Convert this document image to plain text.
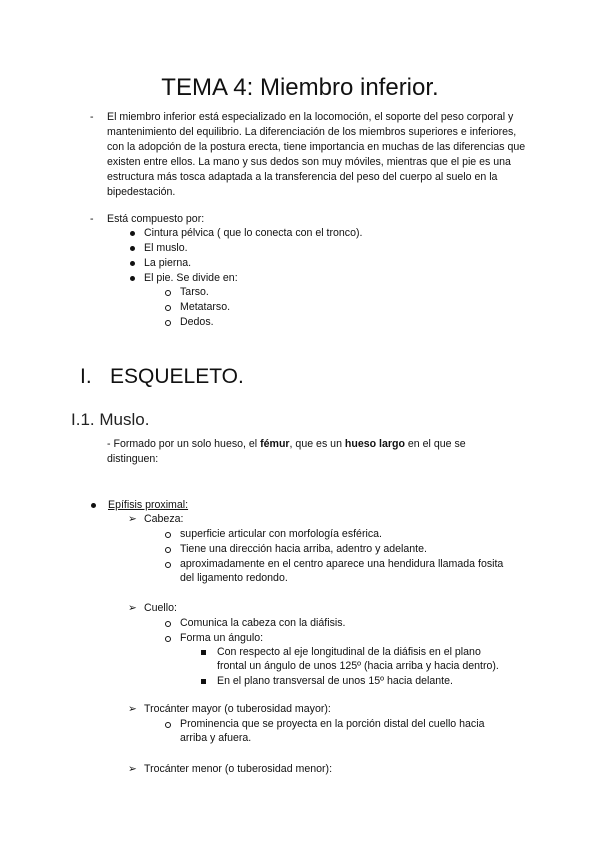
TEMA 4: Miembro inferior.
- El miembro inferior está especializado en la locomoción, el soporte del peso corporal y mantenimiento del equilibrio. La diferenciación de los miembros superiores e inferiores, con la adopción de la postura erecta, tiene importancia en muchas de las diferencias que existen entre ellos. La mano y sus dedos son muy móviles, mientras que el pie es una estructura más tosca adaptada a la transferencia del peso del cuerpo al suelo en la bipedestación.
- Está compuesto por:
Cintura pélvica ( que lo conecta con el tronco).
El muslo.
La pierna.
El pie. Se divide en:
Tarso.
Metatarso.
Dedos.
I. ESQUELETO.
I.1. Muslo.
- Formado por un solo hueso, el fémur, que es un hueso largo en el que se
distinguen:
Epífisis proximal:
➢ Cabeza:
superficie articular con morfología esférica.
Tiene una dirección hacia arriba, adentro y adelante.
aproximadamente en el centro aparece una hendidura llamada fosita
del ligamento redondo.
➢ Cuello:
Comunica la cabeza con la diáfisis.
Forma un ángulo:
Con respecto al eje longitudinal de la diáfisis en el plano
frontal un ángulo de unos 125º (hacia arriba y hacia dentro).
En el plano transversal de unos 15º hacia delante.
➢ Trocánter mayor (o tuberosidad mayor):
Prominencia que se proyecta en la porción distal del cuello hacia
arriba y afuera.
➢ Trocánter menor (o tuberosidad menor):
